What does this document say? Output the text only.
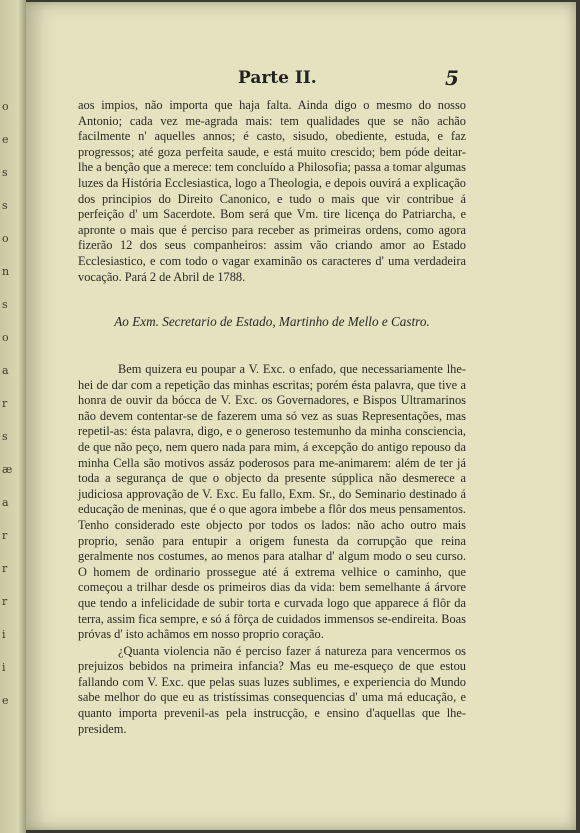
o
e
s
s
o
n
s
o
a
r
s
æ
a
r
r
r
i
i
e
Parte II.	5

aos impios, não importa que haja falta. Ainda digo o mesmo do nosso Antonio; cada vez me-agrada mais: tem qualidades que se não achão facilmente n' aquelles annos; é casto, sisudo, obediente, estuda, e faz progressos; até goza perfeita saude, e está muito crescido; bem póde deitar-lhe a benção que a merece: tem concluído a Philosofia; passa a tomar algumas luzes da História Ecclesiastica, logo a Theologia, e depois ouvirá a explicação dos principios do Direito Canonico, e tudo o mais que vir contribue á perfeição d' um Sacerdote. Bom será que Vm. tire licença do Patriarcha, e apronte o mais que é perciso para receber as primeiras ordens, como agora fizerão 12 dos seus companheiros: assim vão criando amor ao Estado Ecclesiastico, e com todo o vagar examinão os caracteres d' uma verdadeira vocação. Pará 2 de Abril de 1788.

Ao Exm. Secretario de Estado, Martinho de Mello e Castro.

Bem quizera eu poupar a V. Exc. o enfado, que necessariamente lhe-hei de dar com a repetição das minhas escritas; porém ésta palavra, que tive a honra de ouvir da bócca de V. Exc. os Governadores, e Bispos Ultramarinos não devem contentar-se de fazerem uma só vez as suas Representações, mas repetil-as: ésta palavra, digo, e o generoso testemunho da minha consciencia, de que não peço, nem quero nada para mim, á excepção do antigo repouso da minha Cella são motivos assáz poderosos para me-animarem: além de ter já toda a segurança de que o objecto da presente súpplica não desmerece a judiciosa approvação de V. Exc. Eu fallo, Exm. Sr., do Seminario destinado á educação de meninas, que é o que agora imbebe a flôr dos meus pensamentos. Tenho considerado este objecto por todos os lados: não acho outro mais proprio, senão para entupir a origem funesta da corrupção que reina geralmente nos costumes, ao menos para atalhar d' algum modo o seu curso. O homem de ordinario prossegue até á extrema velhice o caminho, que começou a trilhar desde os primeiros dias da vida: bem semelhante á árvore que tendo a infelicidade de subir torta e curvada logo que apparece á flôr da terra, assim fica sempre, e só á fôrça de cuidados immensos se-endireita. Boas próvas d' isto achâmos em nosso proprio coração.

¿Quanta violencia não é perciso fazer á natureza para vencermos os prejuizos bebidos na primeira infancia? Mas eu me-esqueço de que estou fallando com V. Exc. que pelas suas luzes sublimes, e experiencia do Mundo sabe melhor do que eu as tristíssimas consequencias d' uma má educação, e quanto importa prevenil-as pela instrucção, e ensino d'aquellas que lhe-presidem.
